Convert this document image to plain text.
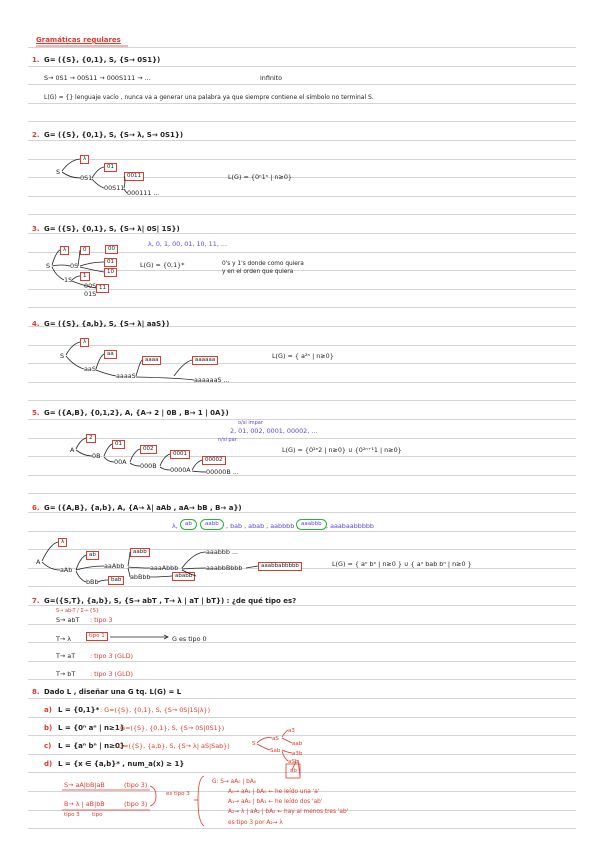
Gramáticas regulares
1. G= ({S}, {0,1}, S, {S→ 0S1})
S→ 0S1 → 00S11 → 000S111 → ...	infinito
L(G) = {} lenguaje vacío , nunca va a generar una palabra ya que siempre contiene el símbolo no terminal S.
2. G= ({S}, {0,1}, S, {S→ λ, S→ 0S1})
S
λ
01
0011
0S1
00S11
000111 ...
L(G) = {0ⁿ1ⁿ | n≥0}
3. G= ({S}, {0,1}, S, {S→ λ| 0S| 1S})
λ, 0, 1, 00, 01, 10, 11, ...
S
λ	0	00
0S	01
1
1S
10
11
00S
01S
L(G) = {0,1}*	0's y 1's donde como quiera
y en el orden que quiera
4. G= ({S}, {a,b}, S, {S→ λ| aaS})
S
λ
aa
aaS
aaaa
aaaaS
aaaaaa
aaaaaaS ...
L(G) = { a²ⁿ | n≥0}
5. G= ({A,B}, {0,1,2}, A, {A→ 2 | 0B , B→ 1 | 0A})
o/si impar
2, 01, 002, 0001, 00002, ...
n/si par
A
2
0B
01
00A
002
000B
0001
0000A
00002
00000B ...
L(G) = {0²ⁿ2 | n≥0} ∪ {0²ⁿ⁺¹1 | n≥0}
6. G= ({A,B}, {a,b}, A, {A→ λ| aAb , aA→ bB , B→ a})
λ,	ab	aabb	, bab , abab , aabbbb , aaabbb , aaabaabbbbb
A
λ
aAb
ab
aaAbb
aabb
bBb	bab
aaaAbbb
abBbb	ababb
aaabbb ...
aaabbBbbb	aaabbabbbbb	L(G) = { aⁿ bⁿ | n≥0 } ∪ { aⁿ bab bⁿ | n≥0 }
7. G=({S,T}, {a,b}, S, {S→ abT , T→ λ | aT | bT}) : ¿de qué tipo es?
S→ ab-T / Σ→ {S}
S→ abT : tipo 3
T→ λ	tipo 1	G es tipo 0
T→ aT : tipo 3 (GLD)
T→ bT : tipo 3 (GLD)
8. Dado L , diseñar una G tq. L(G) = L
a) L = {0,1}* : G=({S}, {0,1}, S, {S→ 0S|1S|λ})
b) L = {0ⁿ aⁿ | n≥1}
: G=({S}, {0,1}, S, {S→ 0S|0S1})
c) L = {aⁿ bⁿ | n≥0}
: G=({S}, {a,b}, S, {S→ λ| aS|Sab})
a3
aS
aab
Sab a3b
aSb
ab
S
d) L = {x ∈ {a,b}* , num_a(x) ≥ 1}
S→ aA|bB|aB	(tipo 3)
B→ λ | aB|bB	(tipo 3)
tipo 3 tipo
es tipo 3
G: S→ aA₀ | bA₀
A₀→ aA₁ | bA₀ ← he leído una 'a'
A₁→ aA₂ | bA₁ ← he leído dos 'ab'
A₂→ λ | aA₂ | bA₂ ← hay al menos tres 'ab'
es tipo 3 por A₂→ λ
